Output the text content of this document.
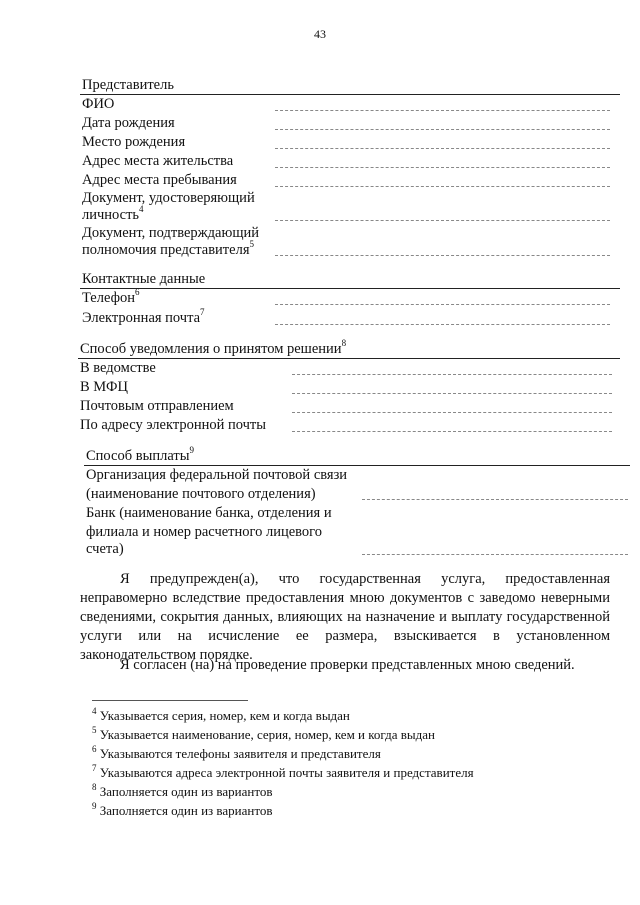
43
Представитель
ФИО
Дата рождения
Место рождения
Адрес места жительства
Адрес места пребывания
Документ, удостоверяющий
личность$^4$
Документ, подтверждающий
полномочия представителя$^5$
Контактные данные
Телефон$^6$
Электронная почта$^7$
Способ уведомления о принятом решении$^8$
В ведомстве
В МФЦ
Почтовым отправлением
По адресу электронной почты
Способ выплаты$^9$
Организация федеральной почтовой связи
(наименование почтового отделения)
Банк (наименование банка, отделения и
филиала и номер расчетного лицевого
счета)
Я предупрежден(а), что государственная услуга, предоставленная неправомерно вследствие предоставления мною документов с заведомо неверными сведениями, сокрытия данных, влияющих на назначение и выплату государственной услуги или на исчисление ее размера, взыскивается в установленном законодательством порядке.
Я согласен (на) на проведение проверки представленных мною сведений.
$^4$ Указывается серия, номер, кем и когда выдан
$^5$ Указывается наименование, серия, номер, кем и когда выдан
$^6$ Указываются телефоны заявителя и представителя
$^7$ Указываются адреса электронной почты заявителя и представителя
$^8$ Заполняется один из вариантов
$^9$ Заполняется один из вариантов
